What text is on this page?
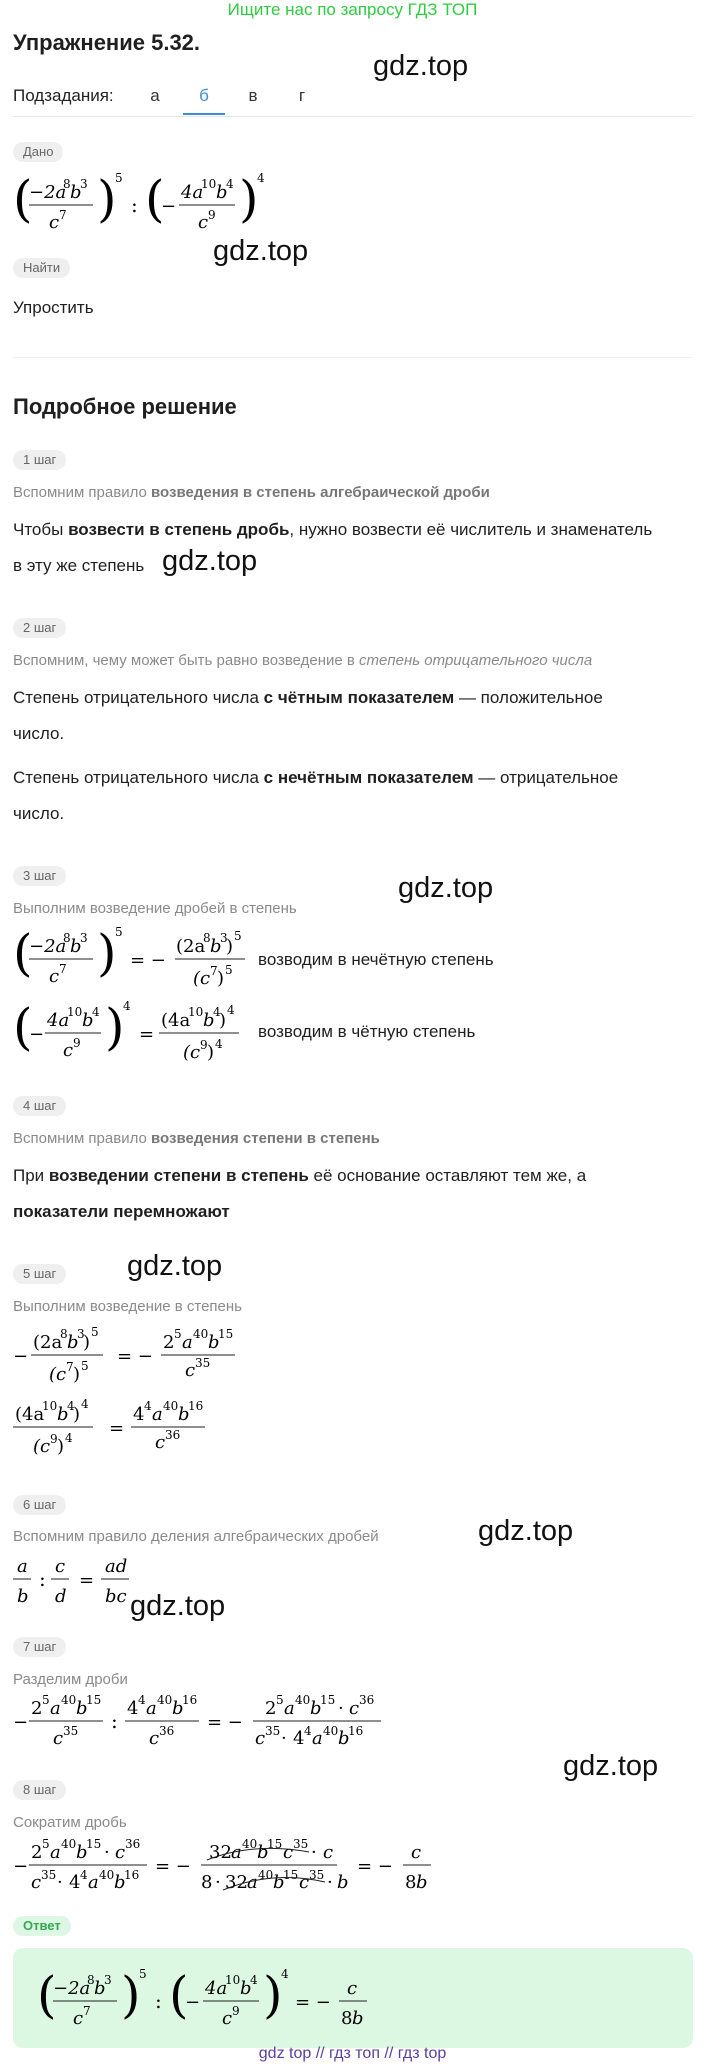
Ищите нас по запросу ГДЗ ТОП
Упражнение 5.32.
gdz.top
Подзадания:	а	б	в	г
Дано
(
−2a
8 b
3
c 7 )
5
: (
−
4a
10 b
4
c 9 )
4
gdz.top
Найти
Упростить
Подробное решение
1 шаг
Вспомним правило возведения в степень алгебраической дроби
Чтобы возвести в степень дробь, нужно возвести её числитель и знаменатель
в эту же степень gdz.top
2 шаг
Вспомним, чему может быть равно возведение в степень отрицательного числа
Степень отрицательного числа с чётным показателем — положительное
число.
Степень отрицательного числа с нечётным показателем — отрицательное
число.
3 шаг	gdz.top
Выполним возведение дробей в степень
(
−2a
8 b
3
c 7 )
5
= −
(2a
8 b
3
) 5
(c 7 ) 5
возводим в нечётную степень
(
−
4a
10 b
4
c 9 )
4
=
(4a
10 b
4
) 4
(c 9 ) 4
возводим в чётную степень
4 шаг
Вспомним правило возведения степени в степень
При возведении степени в степень её основание оставляют тем же, а
показатели перемножают
5 шаг	gdz.top
Выполним возведение в степень
−
(2a
8 b
3
) 5
(c 7 ) 5 = −
2 5 a 40 b
15
c 35
(4a
10 b
4
) 4
(c 9 ) 4 =
4 4 a 40 b
16
c 36
6 шаг
Вспомним правило деления алгебраических дробей	gdz.top
a
b
:
c
d
=
ad
bc gdz.top
7 шаг
Разделим дроби
−
2 5 a 40 b
15
c 35 :
4 4 a 40 b
16
c 36 = −
2 5 a 40 b
15 · c 36
c 35 · 4 4 a 40 b
16
gdz.top
8 шаг
Сократим дробь
−
2 5 a 40 b
15 · c 36
c 35 · 4 4 a 40 b
16 = −
32 a 40 b
15 c 35 · c
8 · 32 a 40 b
15 c 35 · b
= −
c
8 b
Ответ
(
−2a
8 b
3
c 7 )
5
: (
−
4a
10 b
4
c 9 )
4
= −
c
8 b
gdz top // гдз топ // гдз top
